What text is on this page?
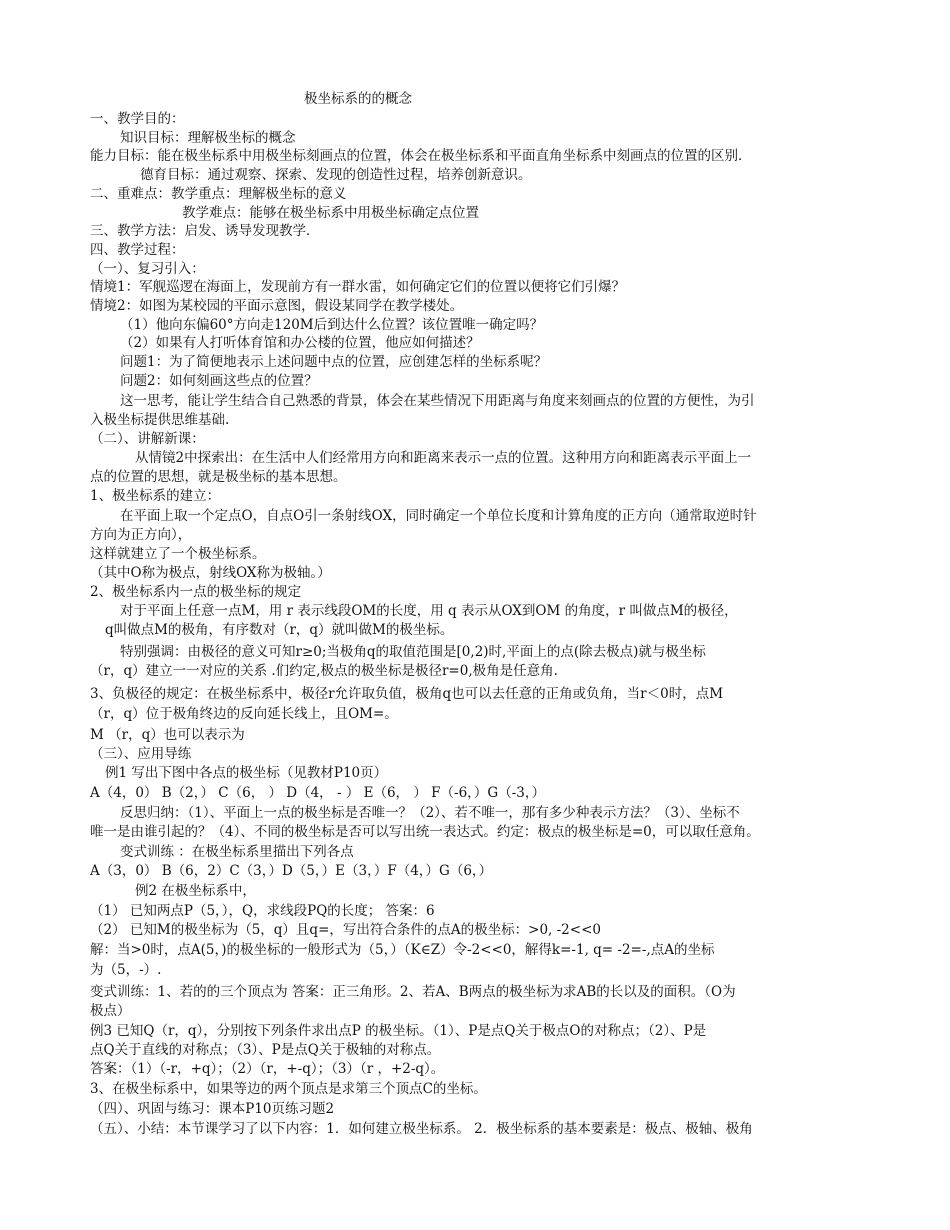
极坐标系的的概念
一、教学目的：
知识目标：理解极坐标的概念
能力目标：能在极坐标系中用极坐标刻画点的位置，体会在极坐标系和平面直角坐标系中刻画点的位置的区别．
德育目标：通过观察、探索、发现的创造性过程，培养创新意识。
二、重难点：教学重点：理解极坐标的意义
教学难点：能够在极坐标系中用极坐标确定点位置
三、教学方法：启发、诱导发现教学．
四、教学过程：
（一）、复习引入：
情境1：军舰巡逻在海面上，发现前方有一群水雷，如何确定它们的位置以便将它们引爆？
情境2：如图为某校园的平面示意图，假设某同学在教学楼处。
（1）他向东偏60°方向走120M后到达什么位置？该位置唯一确定吗？
（2）如果有人打听体育馆和办公楼的位置，他应如何描述？
问题1：为了简便地表示上述问题中点的位置，应创建怎样的坐标系呢？
问题2：如何刻画这些点的位置？
这一思考，能让学生结合自己熟悉的背景，体会在某些情况下用距离与角度来刻画点的位置的方便性，为引
入极坐标提供思维基础.
（二）、讲解新课：
从情镜2中探索出：在生活中人们经常用方向和距离来表示一点的位置。这种用方向和距离表示平面上一
点的位置的思想，就是极坐标的基本思想。
1、极坐标系的建立：
在平面上取一个定点O，自点O引一条射线OX，同时确定一个单位长度和计算角度的正方向（通常取逆时针
方向为正方向），
这样就建立了一个极坐标系。
（其中O称为极点，射线OX称为极轴。）
2、极坐标系内一点的极坐标的规定
对于平面上任意一点M，用 r 表示线段OM的长度，用 q 表示从OX到OM 的角度，r 叫做点M的极径，
q叫做点M的极角，有序数对（r，q）就叫做M的极坐标。
特别强调：由极径的意义可知r≥0;当极角q的取值范围是[0,2)时,平面上的点(除去极点)就与极坐标
（r，q）建立一一对应的关系 .们约定,极点的极坐标是极径r=0,极角是任意角.
3、负极径的规定：在极坐标系中，极径r允许取负值，极角q也可以去任意的正角或负角，当r＜0时，点M
（r，q）位于极角终边的反向延长线上，且OM=。
M （r，q）也可以表示为
（三）、应用导练
例1 写出下图中各点的极坐标（见教材P10页）
A（4，0） B（2，） C（6， ） D（4， - ） E（6， ） F（-6，）G（-3，）
反思归纳：（1）、平面上一点的极坐标是否唯一？（2）、若不唯一，那有多少种表示方法？（3）、坐标不
唯一是由谁引起的？（4）、不同的极坐标是否可以写出统一表达式。约定：极点的极坐标是=0，可以取任意角。
变式训练 ：在极坐标系里描出下列各点
A（3，0） B（6，2）C（3，）D（5，）E（3，）F（4，）G（6，）
例2 在极坐标系中，
（1） 已知两点P（5，），Q，求线段PQ的长度； 答案：6
（2） 已知M的极坐标为（5，q）且q=，写出符合条件的点A的极坐标：>0, -2<<0
解：当>0时，点A(5，)的极坐标的一般形式为（5，）（K∈Z）令-2<<0，解得k=-1, q= -2=-,点A的坐标
为（5，-）.
变式训练：1、若的的三个顶点为 答案：正三角形。2、若A、B两点的极坐标为求AB的长以及的面积。（O为
极点）
例3 已知Q（r，q），分别按下列条件求出点P 的极坐标。（1）、P是点Q关于极点O的对称点；（2）、P是
点Q关于直线的对称点；（3）、P是点Q关于极轴的对称点。
答案：（1）（-r，+q）；（2）（r，+-q）；（3）（r ，+2-q）。
3、在极坐标系中，如果等边的两个顶点是求第三个顶点C的坐标。
（四）、巩固与练习：课本P10页练习题2
（五）、小结：本节课学习了以下内容：1．如何建立极坐标系。 2．极坐标系的基本要素是：极点、极轴、极角
